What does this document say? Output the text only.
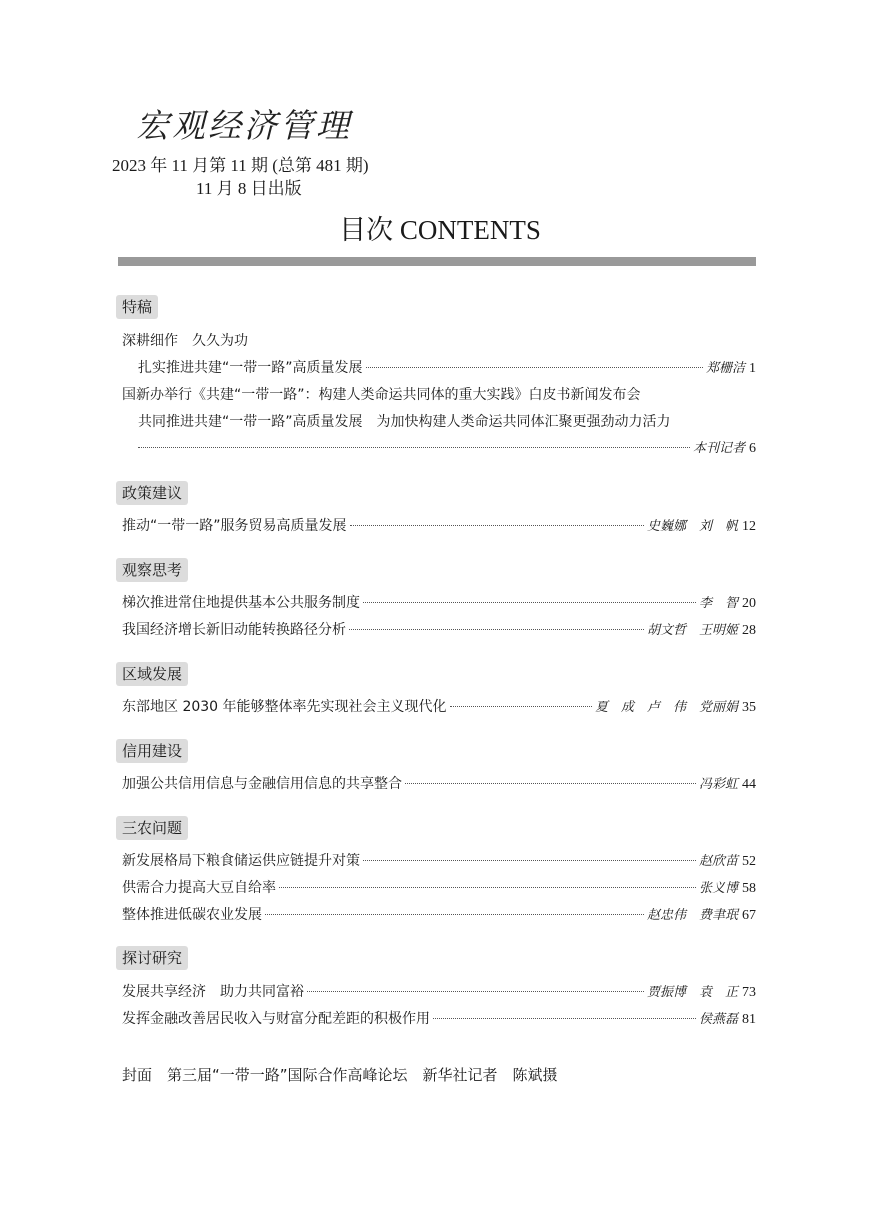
宏观经济管理
2023 年 11 月第 11 期 (总第 481 期)
11 月 8 日出版
目次 CONTENTS
特稿
深耕细作　久久为功
扎实推进共建“一带一路”高质量发展	郑栅洁 1
国新办举行《共建“一带一路”：构建人类命运共同体的重大实践》白皮书新闻发布会
共同推进共建“一带一路”高质量发展　为加快构建人类命运共同体汇聚更强劲动力活力
本刊记者 6
政策建议
推动“一带一路”服务贸易高质量发展	史巍娜　刘　帆 12
观察思考
梯次推进常住地提供基本公共服务制度	李　智 20
我国经济增长新旧动能转换路径分析	胡文哲　王明姬 28
区域发展
东部地区 2030 年能够整体率先实现社会主义现代化	夏　成　卢　伟　党丽娟 35
信用建设
加强公共信用信息与金融信用信息的共享整合	冯彩虹 44
三农问题
新发展格局下粮食储运供应链提升对策	赵欣苗 52
供需合力提高大豆自给率	张义博 58
整体推进低碳农业发展	赵忠伟　费聿珉 67
探讨研究
发展共享经济　助力共同富裕	贾振博　袁　正 73
发挥金融改善居民收入与财富分配差距的积极作用	侯燕磊 81
封面　第三届“一带一路”国际合作高峰论坛　新华社记者　陈斌摄
